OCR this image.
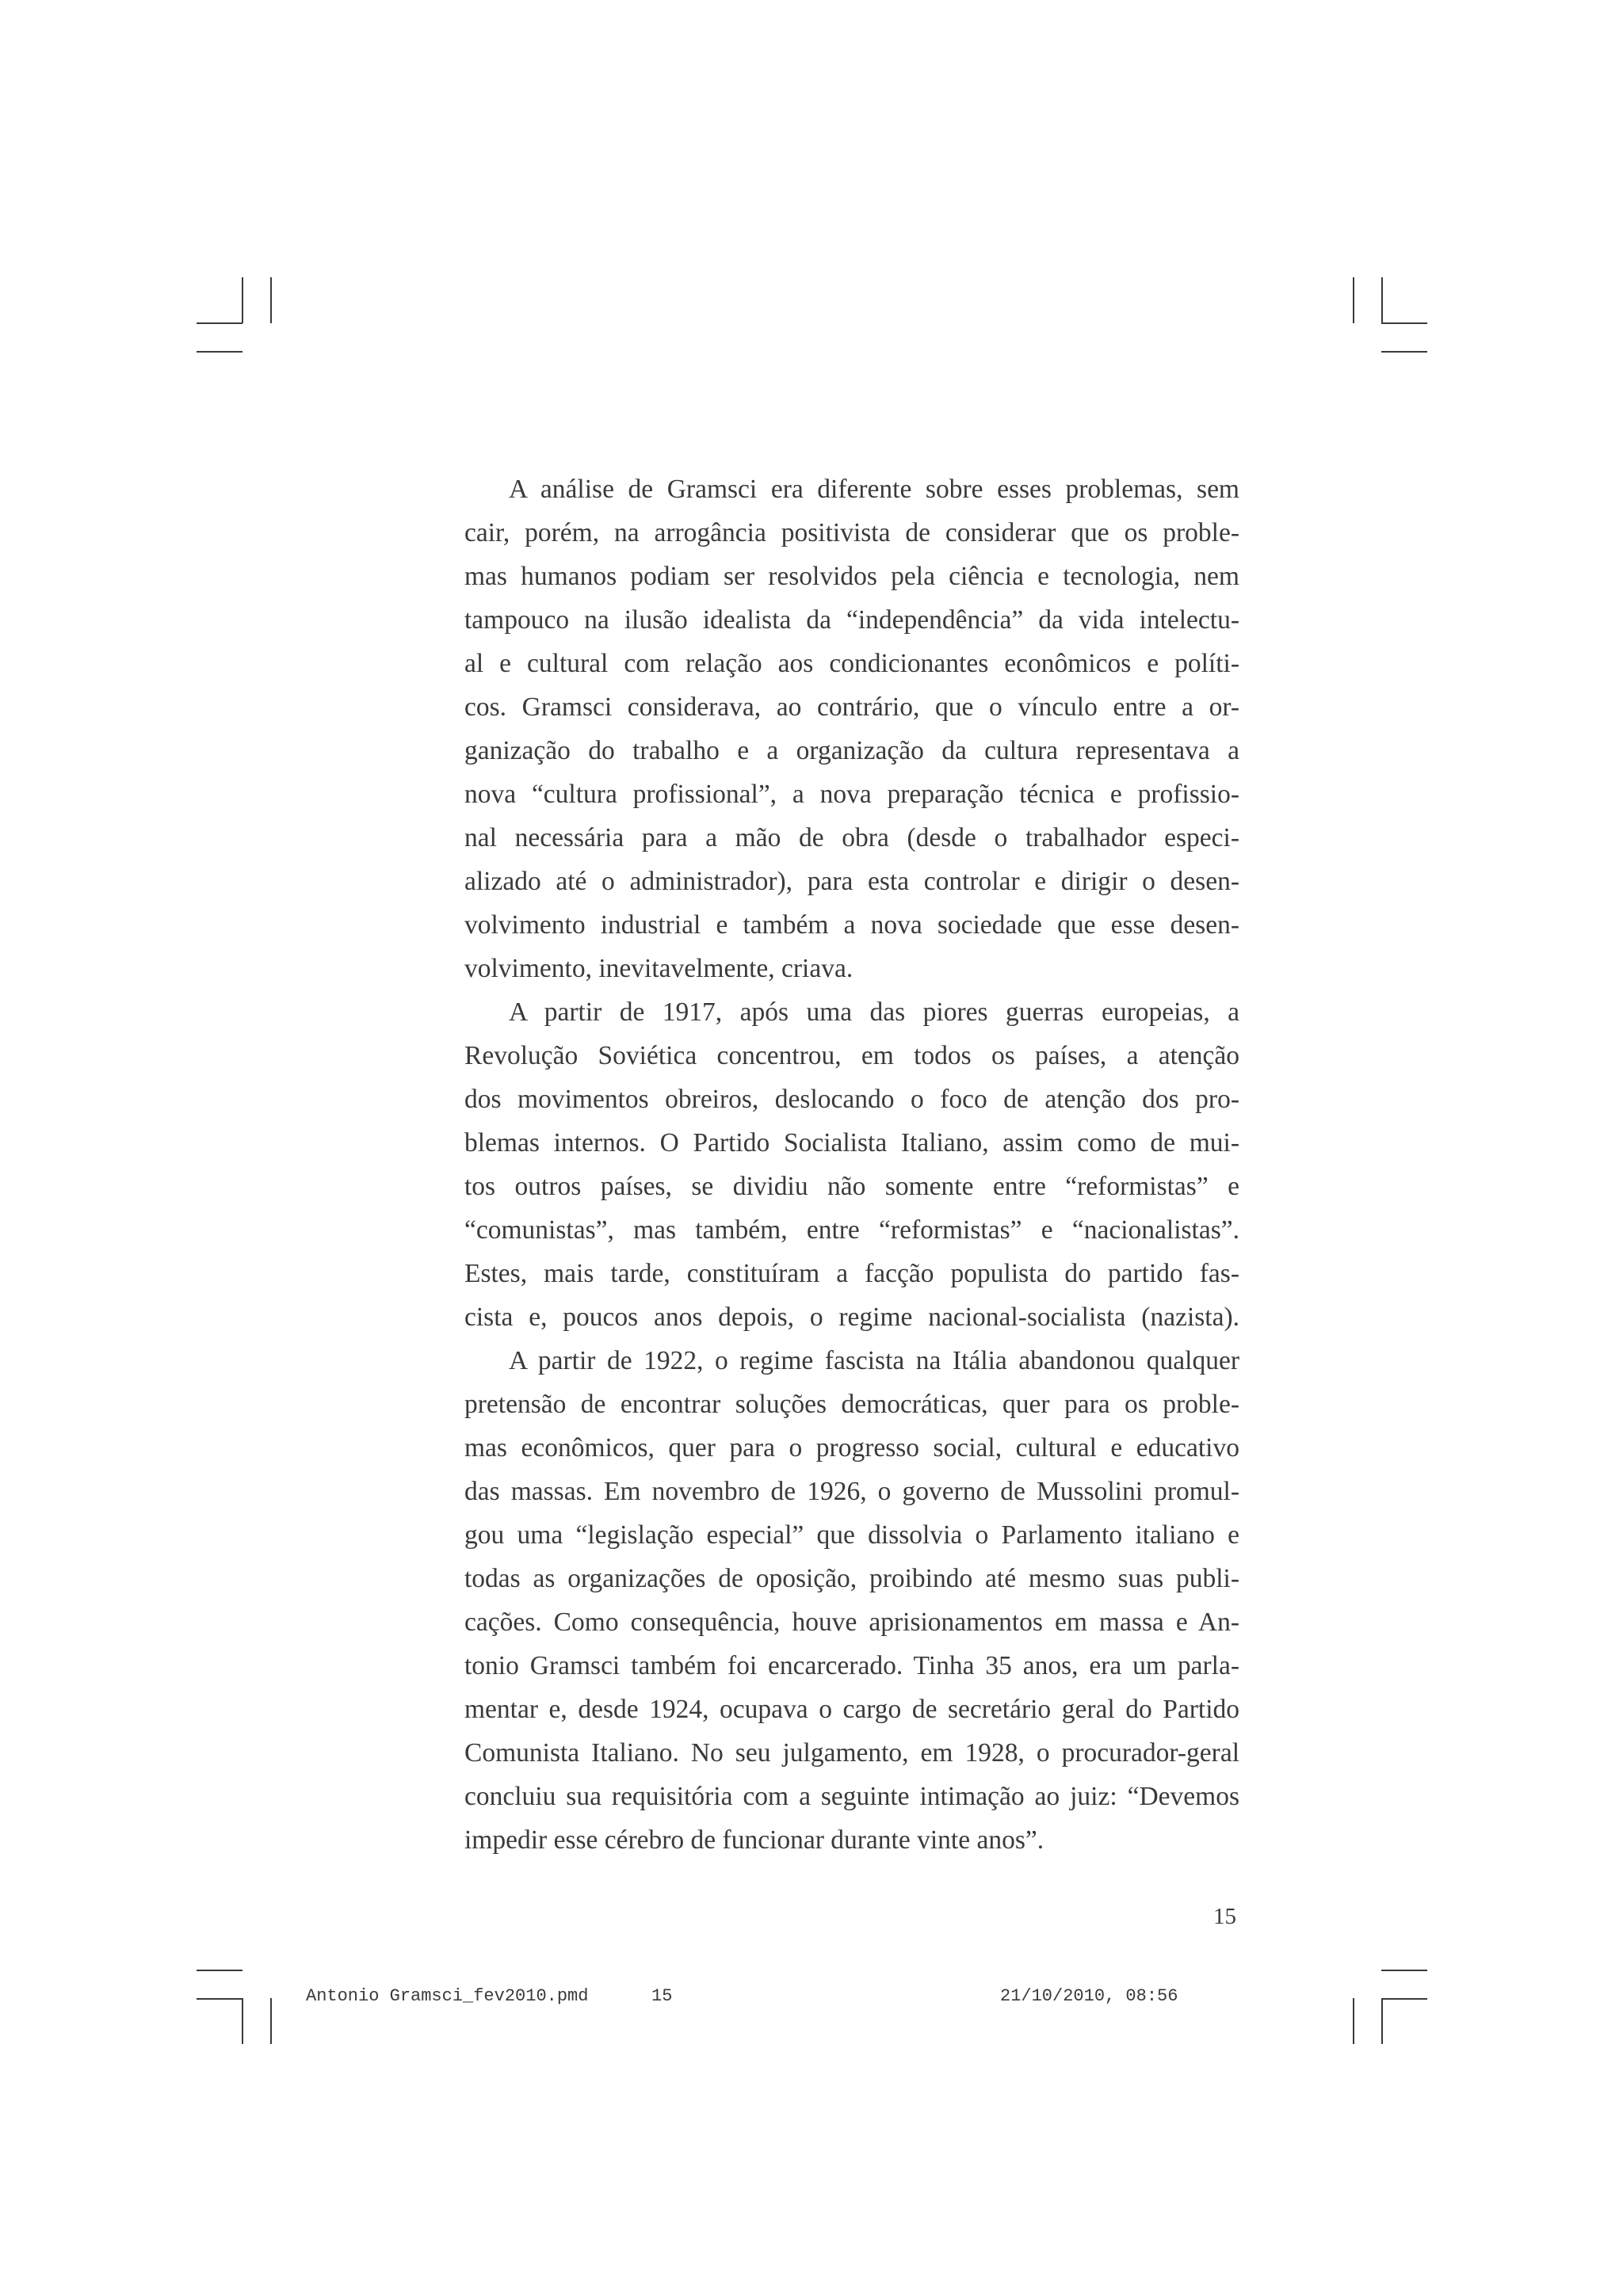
A análise de Gramsci era diferente sobre esses problemas, sem
cair, porém, na arrogância positivista de considerar que os proble-
mas humanos podiam ser resolvidos pela ciência e tecnologia, nem
tampouco na ilusão idealista da “independência” da vida intelectu-
al e cultural com relação aos condicionantes econômicos e políti-
cos. Gramsci considerava, ao contrário, que o vínculo entre a or-
ganização do trabalho e a organização da cultura representava a
nova “cultura profissional”, a nova preparação técnica e profissio-
nal necessária para a mão de obra (desde o trabalhador especi-
alizado até o administrador), para esta controlar e dirigir o desen-
volvimento industrial e também a nova sociedade que esse desen-
volvimento, inevitavelmente, criava.

A partir de 1917, após uma das piores guerras europeias, a
Revolução Soviética concentrou, em todos os países, a atenção
dos movimentos obreiros, deslocando o foco de atenção dos pro-
blemas internos. O Partido Socialista Italiano, assim como de mui-
tos outros países, se dividiu não somente entre “reformistas” e
“comunistas”, mas também, entre “reformistas” e “nacionalistas”.
Estes, mais tarde, constituíram a facção populista do partido fas-
cista e, poucos anos depois, o regime nacional-socialista (nazista).

A partir de 1922, o regime fascista na Itália abandonou qualquer
pretensão de encontrar soluções democráticas, quer para os proble-
mas econômicos, quer para o progresso social, cultural e educativo
das massas. Em novembro de 1926, o governo de Mussolini promul-
gou uma “legislação especial” que dissolvia o Parlamento italiano e
todas as organizações de oposição, proibindo até mesmo suas publi-
cações. Como consequência, houve aprisionamentos em massa e An-
tonio Gramsci também foi encarcerado. Tinha 35 anos, era um parla-
mentar e, desde 1924, ocupava o cargo de secretário geral do Partido
Comunista Italiano. No seu julgamento, em 1928, o procurador-geral
concluiu sua requisitória com a seguinte intimação ao juiz: “Devemos
impedir esse cérebro de funcionar durante vinte anos”.

15
Antonio Gramsci_fev2010.pmd	15	21/10/2010, 08:56
